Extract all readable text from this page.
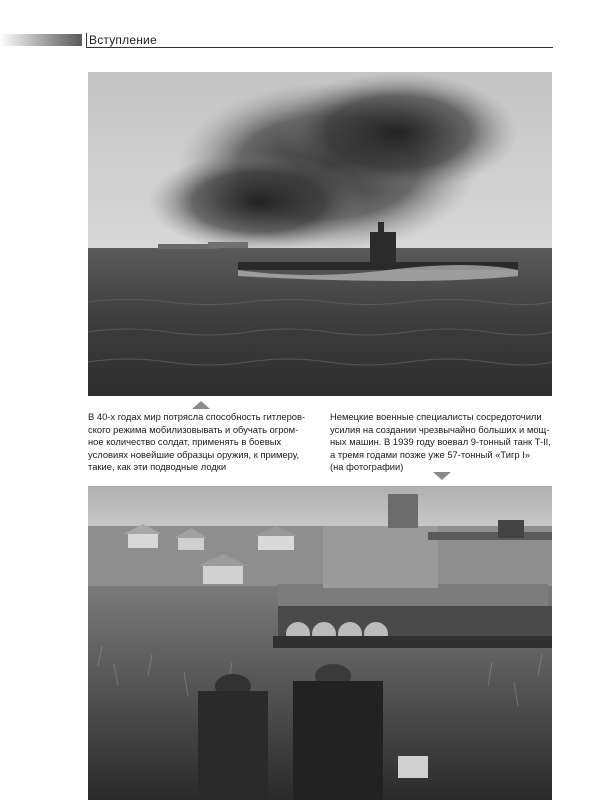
Вступление

В 40-х годах мир потрясла способность гитлеров-

ского режима мобилизовывать и обучать огром-

ное количество солдат, применять в боевых

условиях новейшие образцы оружия, к примеру,

такие, как эти подводные лодки

Немецкие военные специалисты сосредоточили

усилия на создании чрезвычайно больших и мощ-

ных машин. В 1939 году воевал 9-тонный танк T-II,

а тремя годами позже уже 57-тонный «Тигр I»

(на фотографии)
